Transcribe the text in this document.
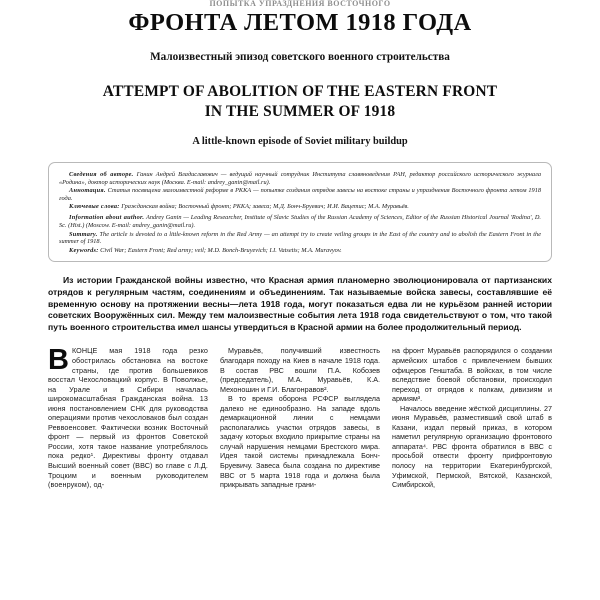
ПОПЫТКА УПРАЗДНЕНИЯ ВОСТОЧНОГО
ФРОНТА ЛЕТОМ 1918 ГОДА
Малоизвестный эпизод советского военного строительства
ATTEMPT OF ABOLITION OF THE EASTERN FRONT
IN THE SUMMER OF 1918
A little-known episode of Soviet military buildup

Сведения об авторе. Ганин Андрей Владиславович — ведущий научный сотрудник Института славяноведения РАН, редактор российского исторического журнала «Родина», доктор исторических наук (Москва. E-mail: andrey_ganin@mail.ru).

Аннотация. Статья посвящена малоизвестной реформе в РККА — попытке создания отрядов завесы на востоке страны и упразднения Восточного фронта летом 1918 года.

Ключевые слова: Гражданская война; Восточный фронт; РККА; завеса; М.Д. Бонч-Бруевич; И.И. Вацетис; М.А. Муравьёв.

Information about author. Andrey Ganin — Leading Researcher, Institute of Slavic Studies of the Russian Academy of Sciences, Editor of the Russian Historical Journal 'Rodina', D. Sc. (Hist.) (Moscow. E-mail: andrey_ganin@mail.ru).

Summary. The article is devoted to a little-known reform in the Red Army — an attempt try to create veiling groups in the East of the country and to abolish the Eastern Front in the summer of 1918.

Keywords: Civil War; Eastern Front; Red army; veil; M.D. Bonch-Bruyevich; I.I. Vatsetis; M.A. Muravyov.

Из истории Гражданской войны известно, что Красная армия планомерно эволюционировала от партизанских отрядов к регулярным частям, соединениям и объединениям. Так называемые войска завесы, составлявшие её временную основу на протяжении весны—лета 1918 года, могут показаться едва ли не курьёзом ранней истории советских Вооружённых сил. Между тем малоизвестные события лета 1918 года свидетельствуют о том, что такой путь военного строительства имел шансы утвердиться в Красной армии на более продолжительный период.

ВКОНЦЕ мая 1918 года резко обострилась обстановка на востоке страны, где против большевиков восстал Чехословацкий корпус. В Поволжье, на Урале и в Сибири началась широкомасштабная Гражданская война. 13 июня постановлением СНК для руководства операциями против чехословаков был создан Реввоенсовет. Фактически возник Восточный фронт — первый из фронтов Советской России, хотя такое название употреблялось пока редко¹. Директивы фронту отдавал Высший военный совет (ВВС) во главе с Л.Д. Троцким и военным руководителем (военруком), од-

Муравьёв, получивший известность благодаря походу на Киев в начале 1918 года. В состав РВС вошли П.А. Кобозев (председатель), М.А. Муравьёв, К.А. Мехоношин и Г.И. Благонравов².

В то время оборона РСФСР выглядела далеко не единообразно. На западе вдоль демаркационной линии с немцами располагались участки отрядов завесы, в задачу которых входило прикрытие страны на случай нарушения немцами Брестского мира. Идея такой системы принадлежала Бонч-Бруевичу. Завеса была создана по директиве ВВС от 5 марта 1918 года и должна была прикрывать западные грани-

на фронт Муравьёв распорядился о создании армейских штабов с привлечением бывших офицеров Генштаба. В войсках, в том числе вследствие боевой обстановки, происходил переход от отрядов к полкам, дивизиям и армиям³.

Началось введение жёсткой дисциплины. 27 июня Муравьёв, разместивший свой штаб в Казани, издал первый приказ, в котором наметил регулярную организацию фронтового аппарата⁴. РВС фронта обратился в ВВС с просьбой отвести фронту прифронтовую полосу на территории Екатеринбургской, Уфимской, Пермской, Вятской, Казанской, Симбирской,
